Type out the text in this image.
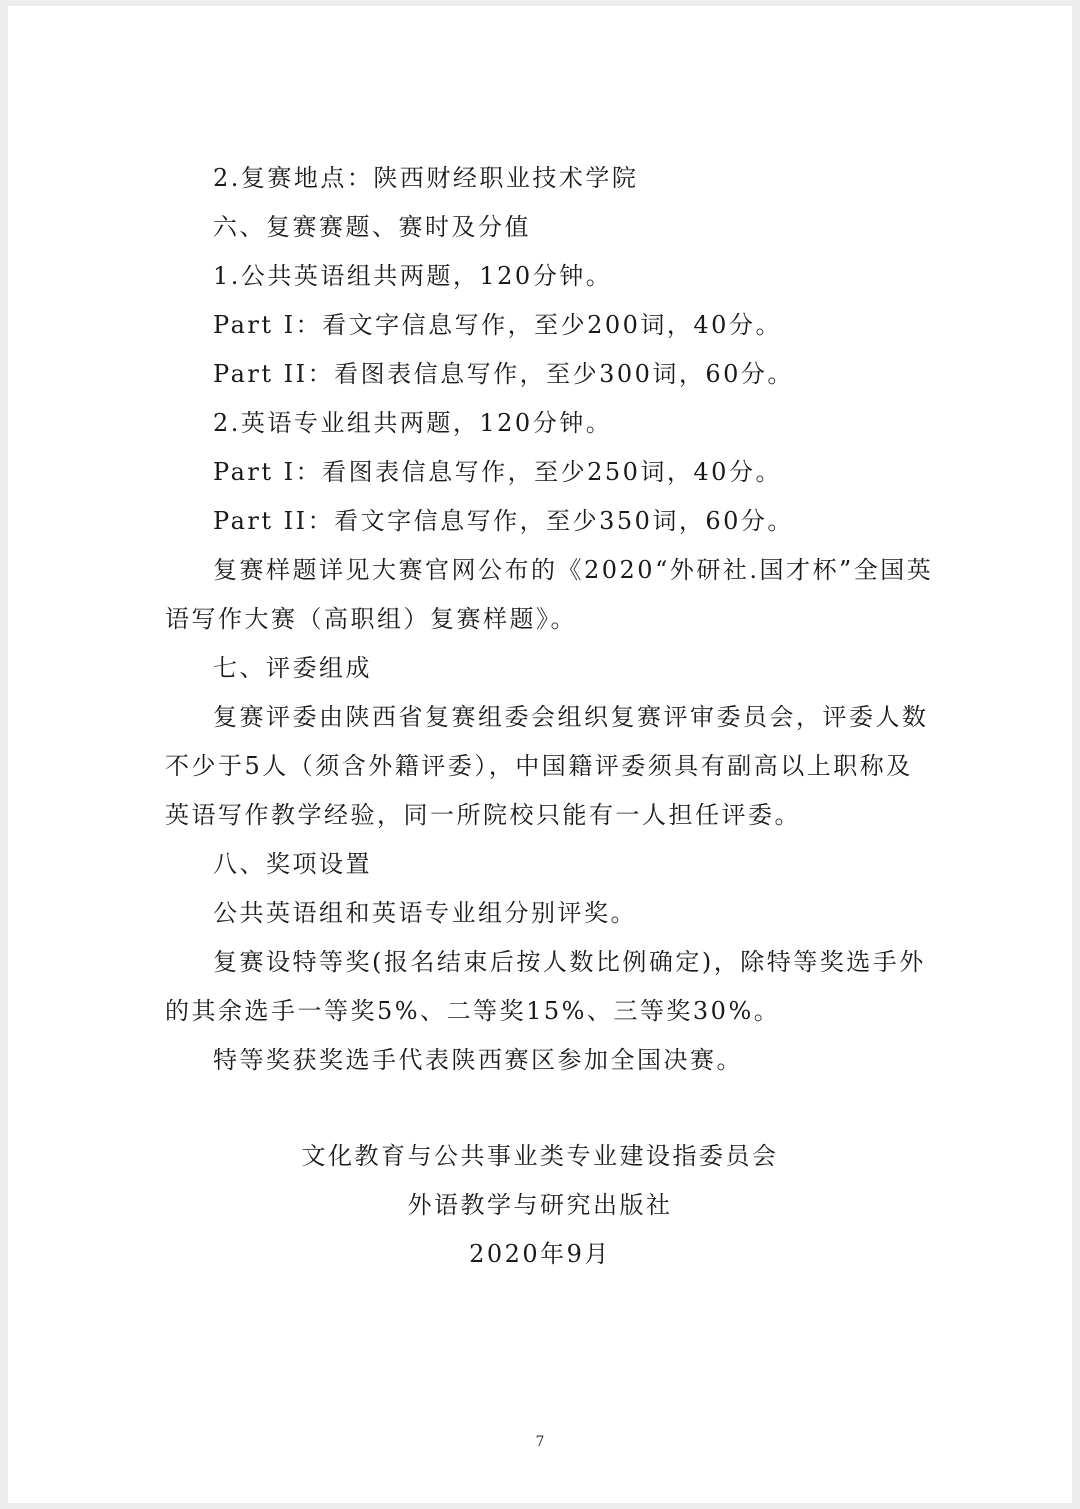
2.复赛地点：陕西财经职业技术学院
六、复赛赛题、赛时及分值
1.公共英语组共两题，120分钟。
Part I：看文字信息写作，至少200词，40分。
Part II：看图表信息写作，至少300词，60分。
2.英语专业组共两题，120分钟。
Part I：看图表信息写作，至少250词，40分。
Part II：看文字信息写作，至少350词，60分。
复赛样题详见大赛官网公布的《2020“外研社.国才杯”全国英
语写作大赛（高职组）复赛样题》。
七、评委组成
复赛评委由陕西省复赛组委会组织复赛评审委员会，评委人数
不少于5人（须含外籍评委），中国籍评委须具有副高以上职称及
英语写作教学经验，同一所院校只能有一人担任评委。
八、奖项设置
公共英语组和英语专业组分别评奖。
复赛设特等奖(报名结束后按人数比例确定)，除特等奖选手外
的其余选手一等奖5%、二等奖15%、三等奖30%。
特等奖获奖选手代表陕西赛区参加全国决赛。
文化教育与公共事业类专业建设指委员会
外语教学与研究出版社
2020年9月
7
